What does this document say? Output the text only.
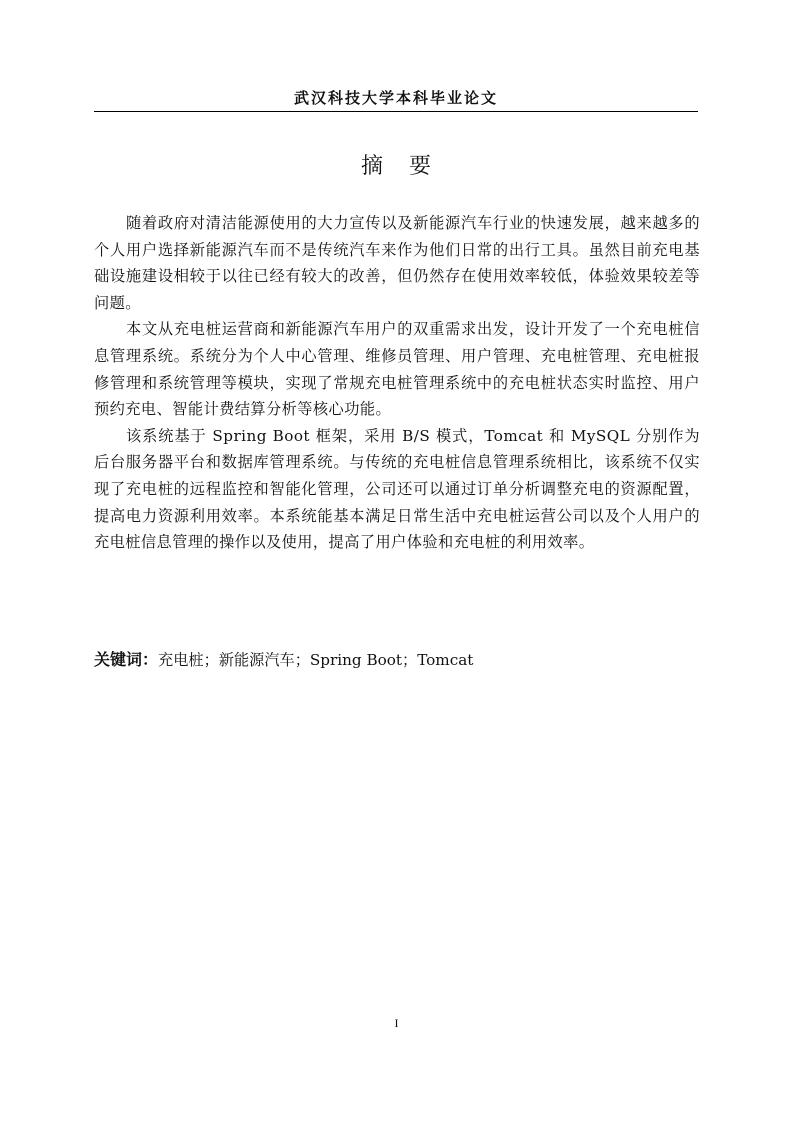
武汉科技大学本科毕业论文
摘 要

随着政府对清洁能源使用的大力宣传以及新能源汽车行业的快速发展，越来越多的个人用户选择新能源汽车而不是传统汽车来作为他们日常的出行工具。虽然目前充电基础设施建设相较于以往已经有较大的改善，但仍然存在使用效率较低，体验效果较差等问题。

本文从充电桩运营商和新能源汽车用户的双重需求出发，设计开发了一个充电桩信息管理系统。系统分为个人中心管理、维修员管理、用户管理、充电桩管理、充电桩报修管理和系统管理等模块，实现了常规充电桩管理系统中的充电桩状态实时监控、用户预约充电、智能计费结算分析等核心功能。

该系统基于 Spring Boot 框架，采用 B/S 模式，Tomcat 和 MySQL 分别作为后台服务器平台和数据库管理系统。与传统的充电桩信息管理系统相比，该系统不仅实现了充电桩的远程监控和智能化管理，公司还可以通过订单分析调整充电的资源配置，提高电力资源利用效率。本系统能基本满足日常生活中充电桩运营公司以及个人用户的充电桩信息管理的操作以及使用，提高了用户体验和充电桩的利用效率。

关键词：充电桩；新能源汽车；Spring Boot；Tomcat
I
